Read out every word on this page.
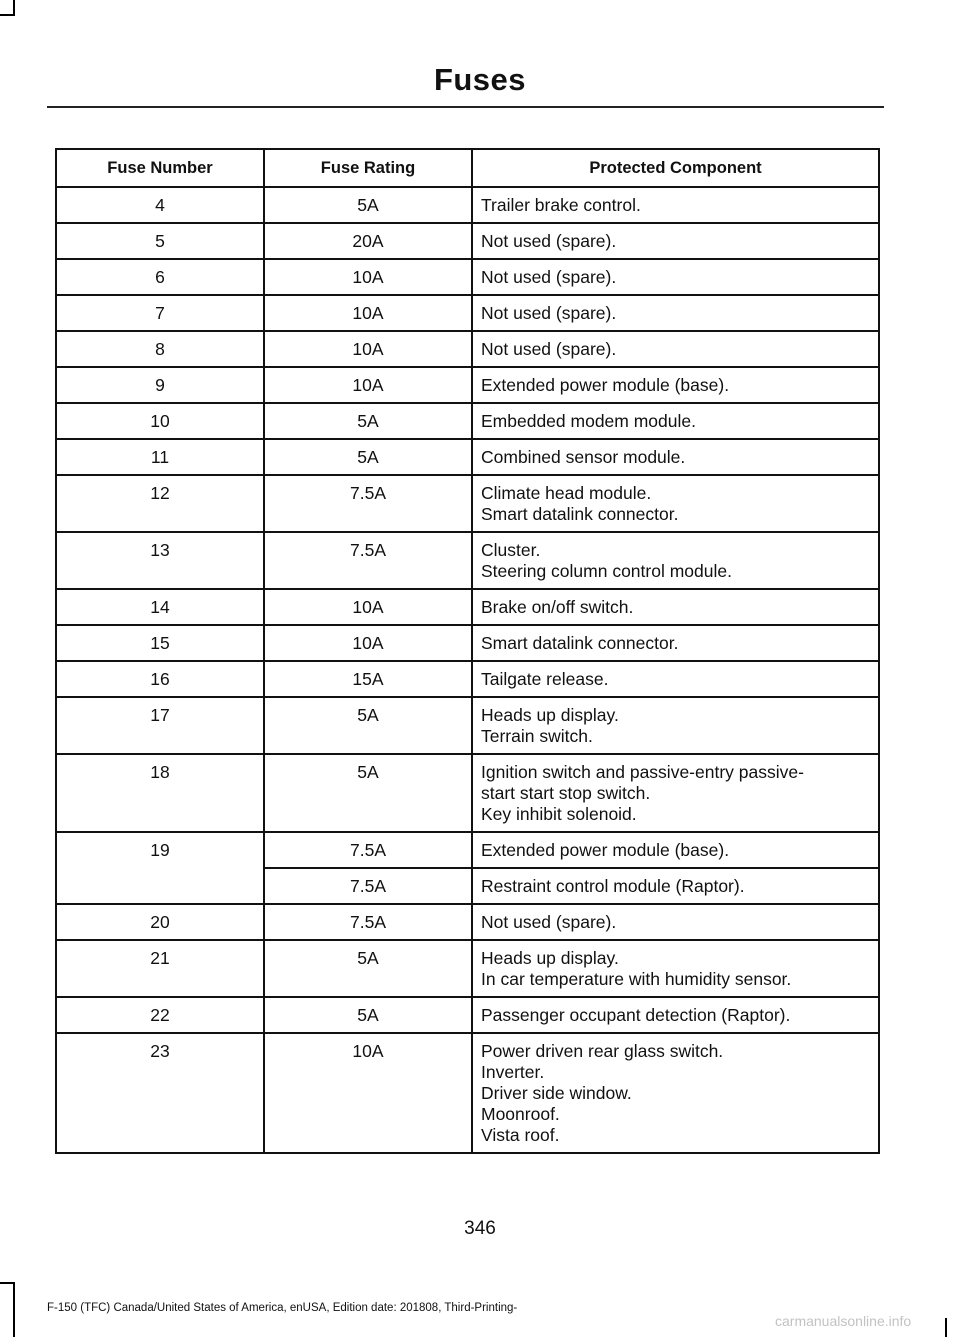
Fuses
Fuse Number	Fuse Rating	Protected Component
4	5A	Trailer brake control.

5	20A	Not used (spare).

6	10A	Not used (spare).

7	10A	Not used (spare).

8	10A	Not used (spare).

9	10A	Extended power module (base).

10	5A	Embedded modem module.

11	5A	Combined sensor module.

12	7.5A	Climate head module.
Smart datalink connector.

13	7.5A	Cluster.
Steering column control module.

14	10A	Brake on/off switch.

15	10A	Smart datalink connector.

16	15A	Tailgate release.

17	5A	Heads up display.
Terrain switch.

18	5A	Ignition switch and passive-entry passive-
start start stop switch.
Key inhibit solenoid.

19	7.5A	Extended power module (base).

	7.5A	Restraint control module (Raptor).

20	7.5A	Not used (spare).

21	5A	Heads up display.
In car temperature with humidity sensor.

22	5A	Passenger occupant detection (Raptor).

23	10A	Power driven rear glass switch.
Inverter.
Driver side window.
Moonroof.
Vista roof.
346
F-150 (TFC) Canada/United States of America, enUSA, Edition date: 201808, Third-Printing-
carmanualsonline.info
